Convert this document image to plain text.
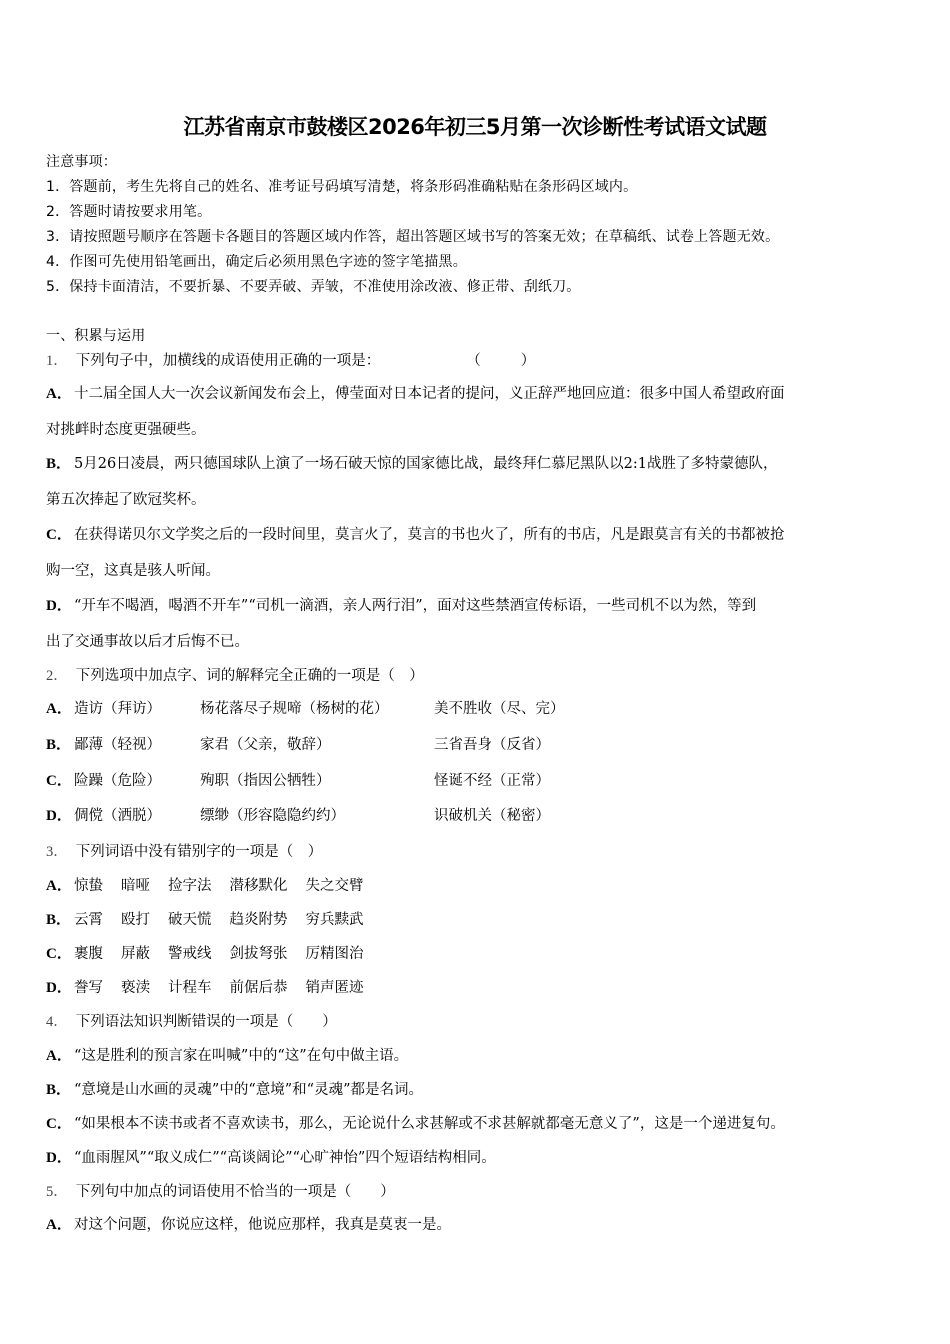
江苏省南京市鼓楼区2026年初三5月第一次诊断性考试语文试题
注意事项：
1．答题前，考生先将自己的姓名、准考证号码填写清楚，将条形码准确粘贴在条形码区域内。
2．答题时请按要求用笔。
3．请按照题号顺序在答题卡各题目的答题区域内作答，超出答题区域书写的答案无效；在草稿纸、试卷上答题无效。
4．作图可先使用铅笔画出，确定后必须用黑色字迹的签字笔描黑。
5．保持卡面清洁，不要折暴、不要弄破、弄皱，不准使用涂改液、修正带、刮纸刀。
一、积累与运用
1． 下列句子中，加横线的成语使用正确的一项是：	（	）
A． 十二届全国人大一次会议新闻发布会上，傅莹面对日本记者的提问，义正辞严地回应道：很多中国人希望政府面
对挑衅时态度更强硬些。
B． 5月26日凌晨，两只德国球队上演了一场石破天惊的国家德比战，最终拜仁慕尼黑队以2:1战胜了多特蒙德队，
第五次捧起了欧冠奖杯。
C． 在获得诺贝尔文学奖之后的一段时间里，莫言火了，莫言的书也火了，所有的书店，凡是跟莫言有关的书都被抢
购一空，这真是骇人听闻。
D． “开车不喝酒，喝酒不开车”“司机一滴酒，亲人两行泪”，面对这些禁酒宣传标语，一些司机不以为然，等到
出了交通事故以后才后悔不已。
2． 下列选项中加点字、词的解释完全正确的一项是（　）
A． 造访（拜访）	杨花落尽子规啼（杨树的花）	美不胜收（尽、完）
B． 鄙薄（轻视）	家君（父亲，敬辞）	三省吾身（反省）
C． 险躁（危险）	殉职（指因公牺牲）	怪诞不经（正常）
D． 倜傥（洒脱）	缥缈（形容隐隐约约）	识破机关（秘密）
3． 下列词语中没有错别字的一项是（　）
A． 惊蛰 暗哑 捡字法 潜移默化 失之交臂
B． 云霄 殴打 破天慌 趋炎附势 穷兵黩武
C． 裹腹 屏蔽 警戒线 剑拔弩张 厉精图治
D． 誊写 亵渎 计程车 前倨后恭 销声匿迹
4． 下列语法知识判断错误的一项是（　　）
A． “这是胜利的预言家在叫喊”中的“这”在句中做主语。
B． “意境是山水画的灵魂”中的“意境”和“灵魂”都是名词。
C． “如果根本不读书或者不喜欢读书，那么，无论说什么求甚解或不求甚解就都毫无意义了”，这是一个递进复句。
D． “血雨腥风”“取义成仁”“高谈阔论”“心旷神怡”四个短语结构相同。
5． 下列句中加点的词语使用不恰当的一项是（　　）
A． 对这个问题，你说应这样，他说应那样，我真是莫衷一是。
